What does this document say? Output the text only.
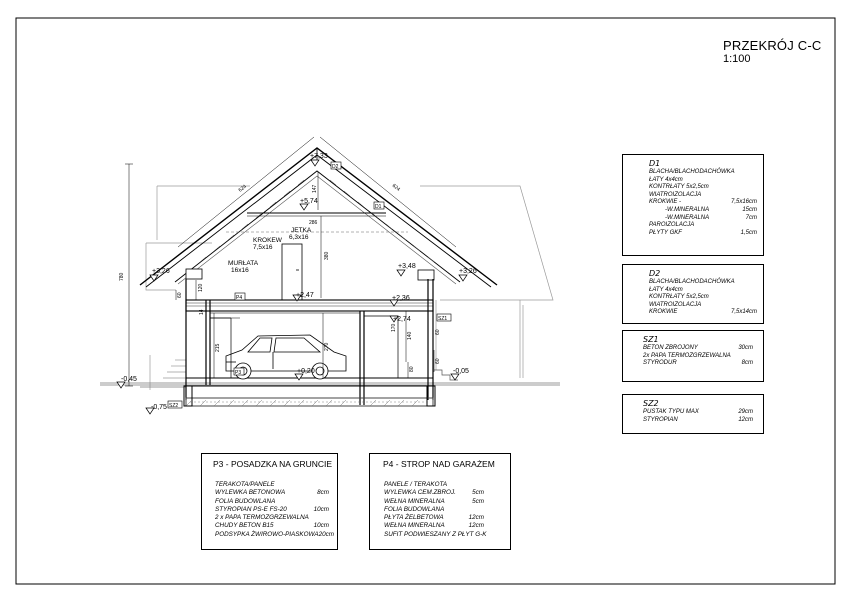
+7,33
+5,74
+3,26
+3,48
+3,26
+2,47	+2,36
+2,74
+0,20
-0,45
-0,05
-0,75
D2
D1
P4
SZ1
P3
SZ2
JETKA
6,3x16
KROKEW
7,5x16
MURŁATA
16x16
624	624
780
286
147
120
380
215	270
140
80
60
14
170
60
60
PRZEKRÓJ C-C
1:100
D1
BLACHA/BLACHODACHÓWKA
ŁATY 4x4cm
KONTRŁATY 5x2,5cm
WIATROIZOLACJA
KROKWIE -	7,5x16cm
-W.MINERALNA	15cm
-W.MINERALNA	7cm
PAROIZOLACJA
PŁYTY GKF	1,5cm
D2
BLACHA/BLACHODACHÓWKA
ŁATY 4x4cm
KONTRŁATY 5x2,5cm
WIATROIZOLACJA
KROKWIE	7,5x14cm
SZ1
BETON ZBROJONY	30cm
2x PAPA TERMOZGRZEWALNA
STYRODUR	8cm
SZ2
PUSTAK TYPU MAX	29cm
STYROPIAN	12cm
P3 - POSADZKA NA GRUNCIE
TERAKOTA/PANELE
WYLEWKA BETONOWA	8cm
FOLIA BUDOWLANA
STYROPIAN PS-E FS-20	10cm
2 x PAPA TERMOZGRZEWALNA
CHUDY BETON B15	10cm
PODSYPKA ŻWIROWO-PIASKOWA 20cm
P4 - STROP NAD GARAŻEM
PANELE / TERAKOTA
WYLEWKA CEM.ZBROJ.	5cm
WEŁNA MINERALNA	5cm
FOLIA BUDOWLANA
PŁYTA ŻELBETOWA	12cm
WEŁNA MINERALNA	12cm
SUFIT PODWIESZANY Z PŁYT G-K
